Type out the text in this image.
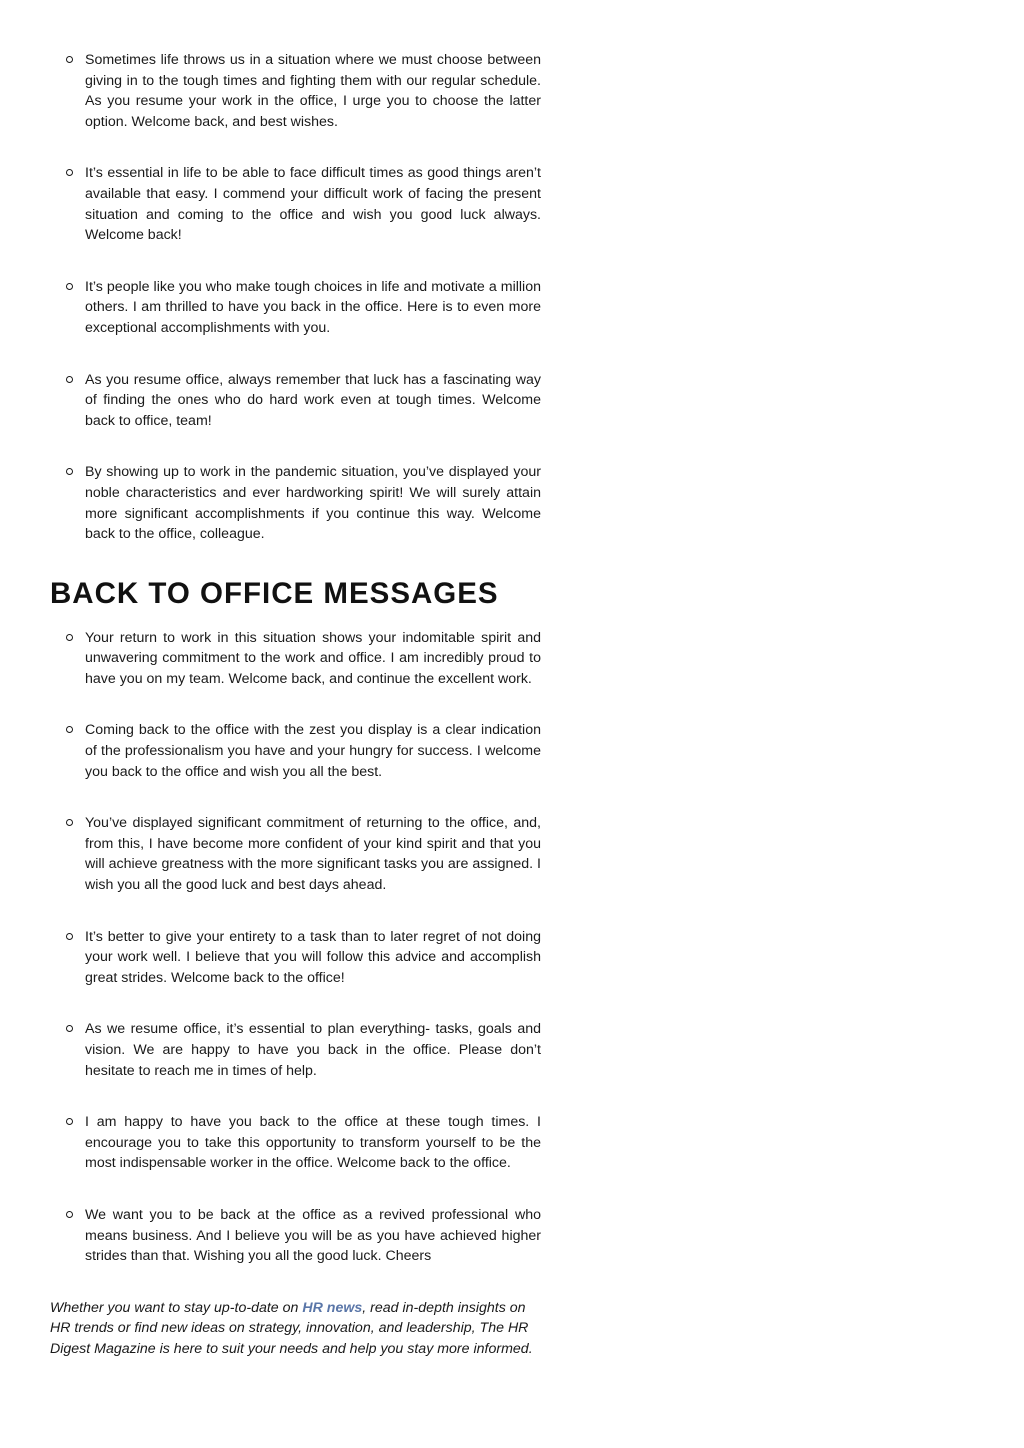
Sometimes life throws us in a situation where we must choose between giving in to the tough times and fighting them with our regular schedule. As you resume your work in the office, I urge you to choose the latter option. Welcome back, and best wishes.
It’s essential in life to be able to face difficult times as good things aren’t available that easy. I commend your difficult work of facing the present situation and coming to the office and wish you good luck always. Welcome back!
It’s people like you who make tough choices in life and motivate a million others. I am thrilled to have you back in the office. Here is to even more exceptional accomplishments with you.
As you resume office, always remember that luck has a fascinating way of finding the ones who do hard work even at tough times. Welcome back to office, team!
By showing up to work in the pandemic situation, you’ve displayed your noble characteristics and ever hardworking spirit! We will surely attain more significant accomplishments if you continue this way. Welcome back to the office, colleague.
BACK TO OFFICE MESSAGES
Your return to work in this situation shows your indomitable spirit and unwavering commitment to the work and office. I am incredibly proud to have you on my team. Welcome back, and continue the excellent work.
Coming back to the office with the zest you display is a clear indication of the professionalism you have and your hungry for success. I welcome you back to the office and wish you all the best.
You’ve displayed significant commitment of returning to the office, and, from this, I have become more confident of your kind spirit and that you will achieve greatness with the more significant tasks you are assigned. I wish you all the good luck and best days ahead.
It’s better to give your entirety to a task than to later regret of not doing your work well. I believe that you will follow this advice and accomplish great strides. Welcome back to the office!
As we resume office, it’s essential to plan everything- tasks, goals and vision. We are happy to have you back in the office. Please don’t hesitate to reach me in times of help.
I am happy to have you back to the office at these tough times. I encourage you to take this opportunity to transform yourself to be the most indispensable worker in the office. Welcome back to the office.
We want you to be back at the office as a revived professional who means business. And I believe you will be as you have achieved higher strides than that. Wishing you all the good luck. Cheers

Whether you want to stay up-to-date on HR news, read in-depth insights on HR trends or find new ideas on strategy, innovation, and leadership, The HR Digest Magazine is here to suit your needs and help you stay more informed.
